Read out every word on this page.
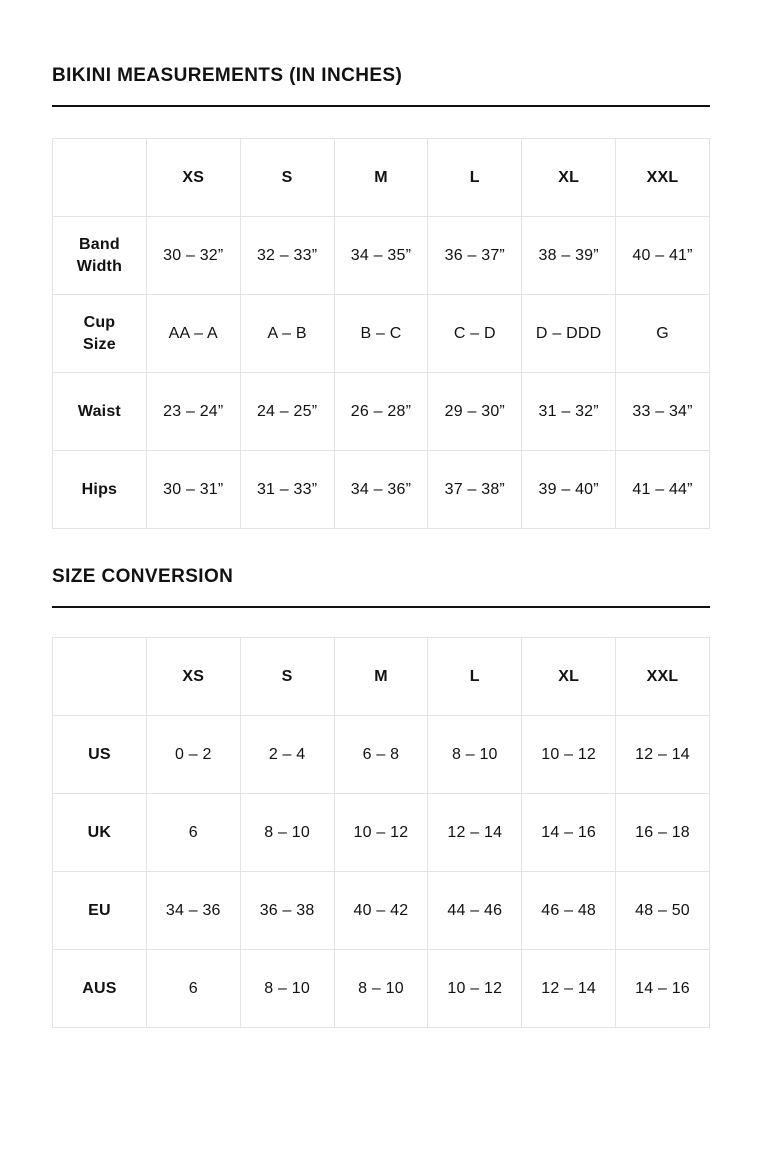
BIKINI MEASUREMENTS (IN INCHES)
	XS	S	M	L	XL	XXL
Band Width	30 – 32”	32 – 33”	34 – 35”	36 – 37”	38 – 39”	40 – 41”
Cup Size	AA – A	A – B	B – C	C – D	D – DDD	G
Waist	23 – 24”	24 – 25”	26 – 28”	29 – 30”	31 – 32”	33 – 34”
Hips	30 – 31”	31 – 33”	34 – 36”	37 – 38”	39 – 40”	41 – 44”
SIZE CONVERSION
	XS	S	M	L	XL	XXL
US	0 – 2	2 – 4	6 – 8	8 – 10	10 – 12	12 – 14
UK	6	8 – 10	10 – 12	12 – 14	14 – 16	16 – 18
EU	34 – 36	36 – 38	40 – 42	44 – 46	46 – 48	48 – 50
AUS	6	8 – 10	8 – 10	10 – 12	12 – 14	14 – 16
